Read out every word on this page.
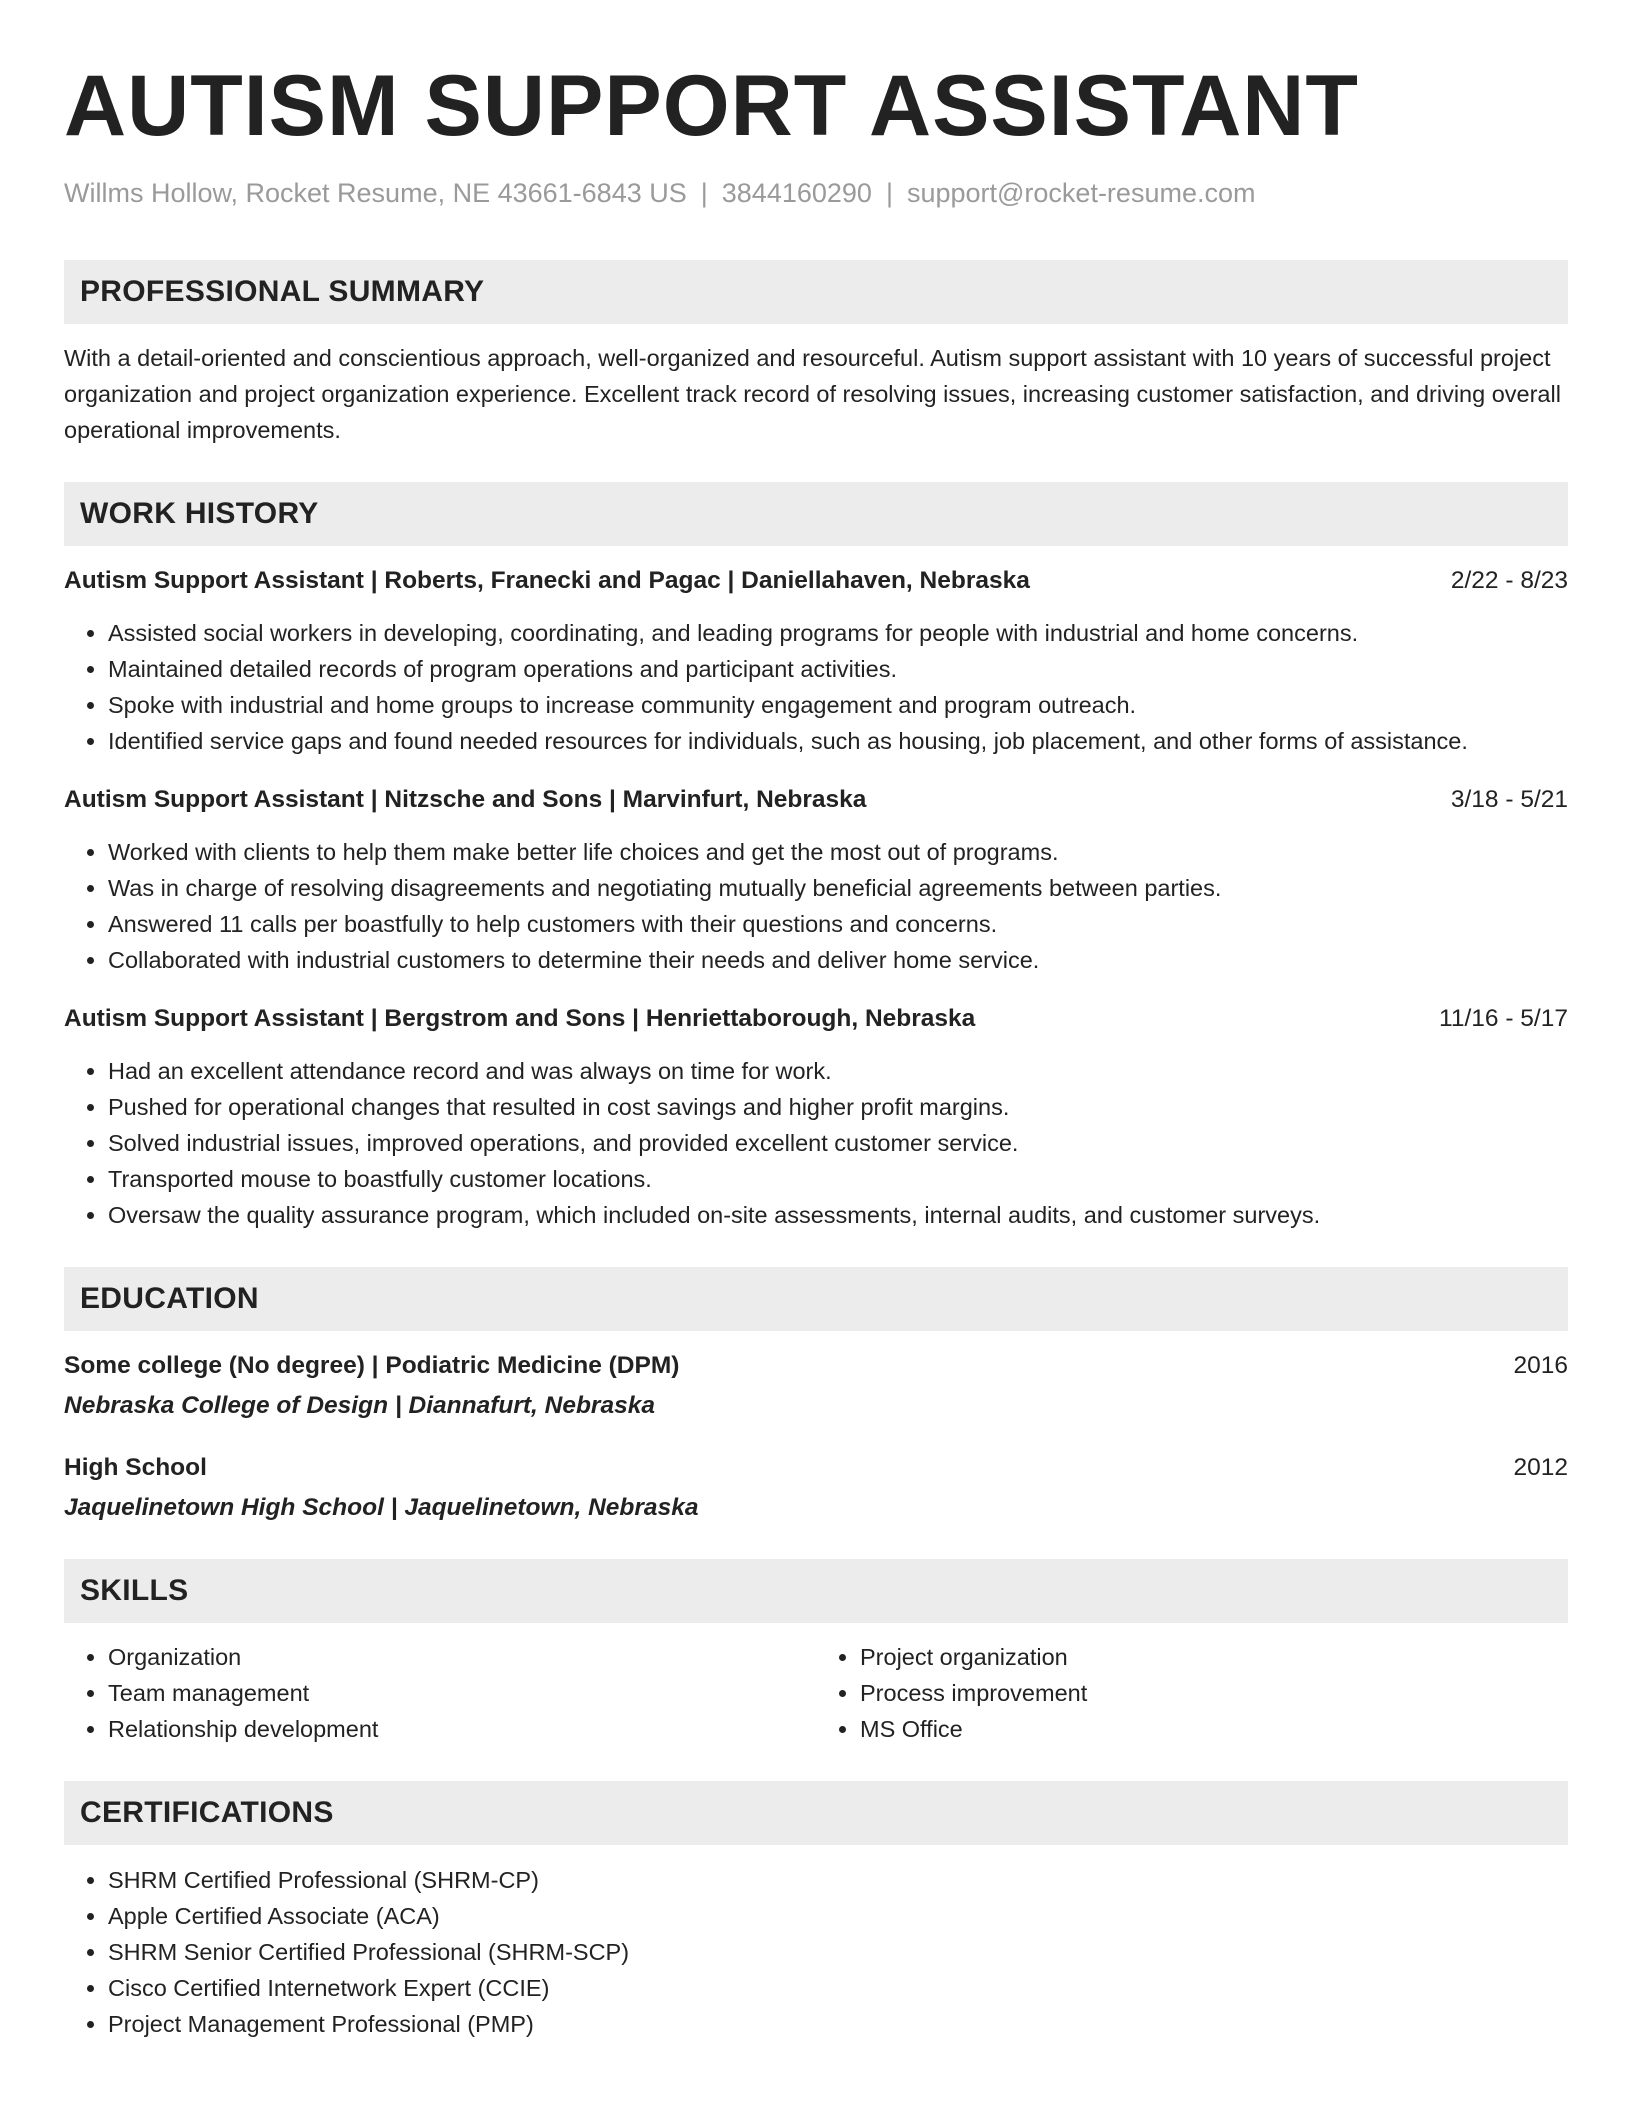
AUTISM SUPPORT ASSISTANT
Willms Hollow, Rocket Resume, NE 43661-6843 US | 3844160290 | support@rocket-resume.com
PROFESSIONAL SUMMARY

With a detail-oriented and conscientious approach, well-organized and resourceful. Autism support assistant with 10 years of successful project organization and project organization experience. Excellent track record of resolving issues, increasing customer satisfaction, and driving overall operational improvements.

WORK HISTORY
Autism Support Assistant | Roberts, Franecki and Pagac | Daniellahaven, Nebraska	2/22 - 8/23
• Assisted social workers in developing, coordinating, and leading programs for people with industrial and home concerns.
• Maintained detailed records of program operations and participant activities.
• Spoke with industrial and home groups to increase community engagement and program outreach.
• Identified service gaps and found needed resources for individuals, such as housing, job placement, and other forms of assistance.
Autism Support Assistant | Nitzsche and Sons | Marvinfurt, Nebraska	3/18 - 5/21
• Worked with clients to help them make better life choices and get the most out of programs.
• Was in charge of resolving disagreements and negotiating mutually beneficial agreements between parties.
• Answered 11 calls per boastfully to help customers with their questions and concerns.
• Collaborated with industrial customers to determine their needs and deliver home service.
Autism Support Assistant | Bergstrom and Sons | Henriettaborough, Nebraska	11/16 - 5/17
• Had an excellent attendance record and was always on time for work.
• Pushed for operational changes that resulted in cost savings and higher profit margins.
• Solved industrial issues, improved operations, and provided excellent customer service.
• Transported mouse to boastfully customer locations.
• Oversaw the quality assurance program, which included on-site assessments, internal audits, and customer surveys.
EDUCATION
Some college (No degree) | Podiatric Medicine (DPM)	2016
Nebraska College of Design | Diannafurt, Nebraska
High School	2012
Jaquelinetown High School | Jaquelinetown, Nebraska
SKILLS
• Organization
• Team management
• Relationship development
• Project organization
• Process improvement
• MS Office
CERTIFICATIONS
• SHRM Certified Professional (SHRM-CP)
• Apple Certified Associate (ACA)
• SHRM Senior Certified Professional (SHRM-SCP)
• Cisco Certified Internetwork Expert (CCIE)
• Project Management Professional (PMP)
